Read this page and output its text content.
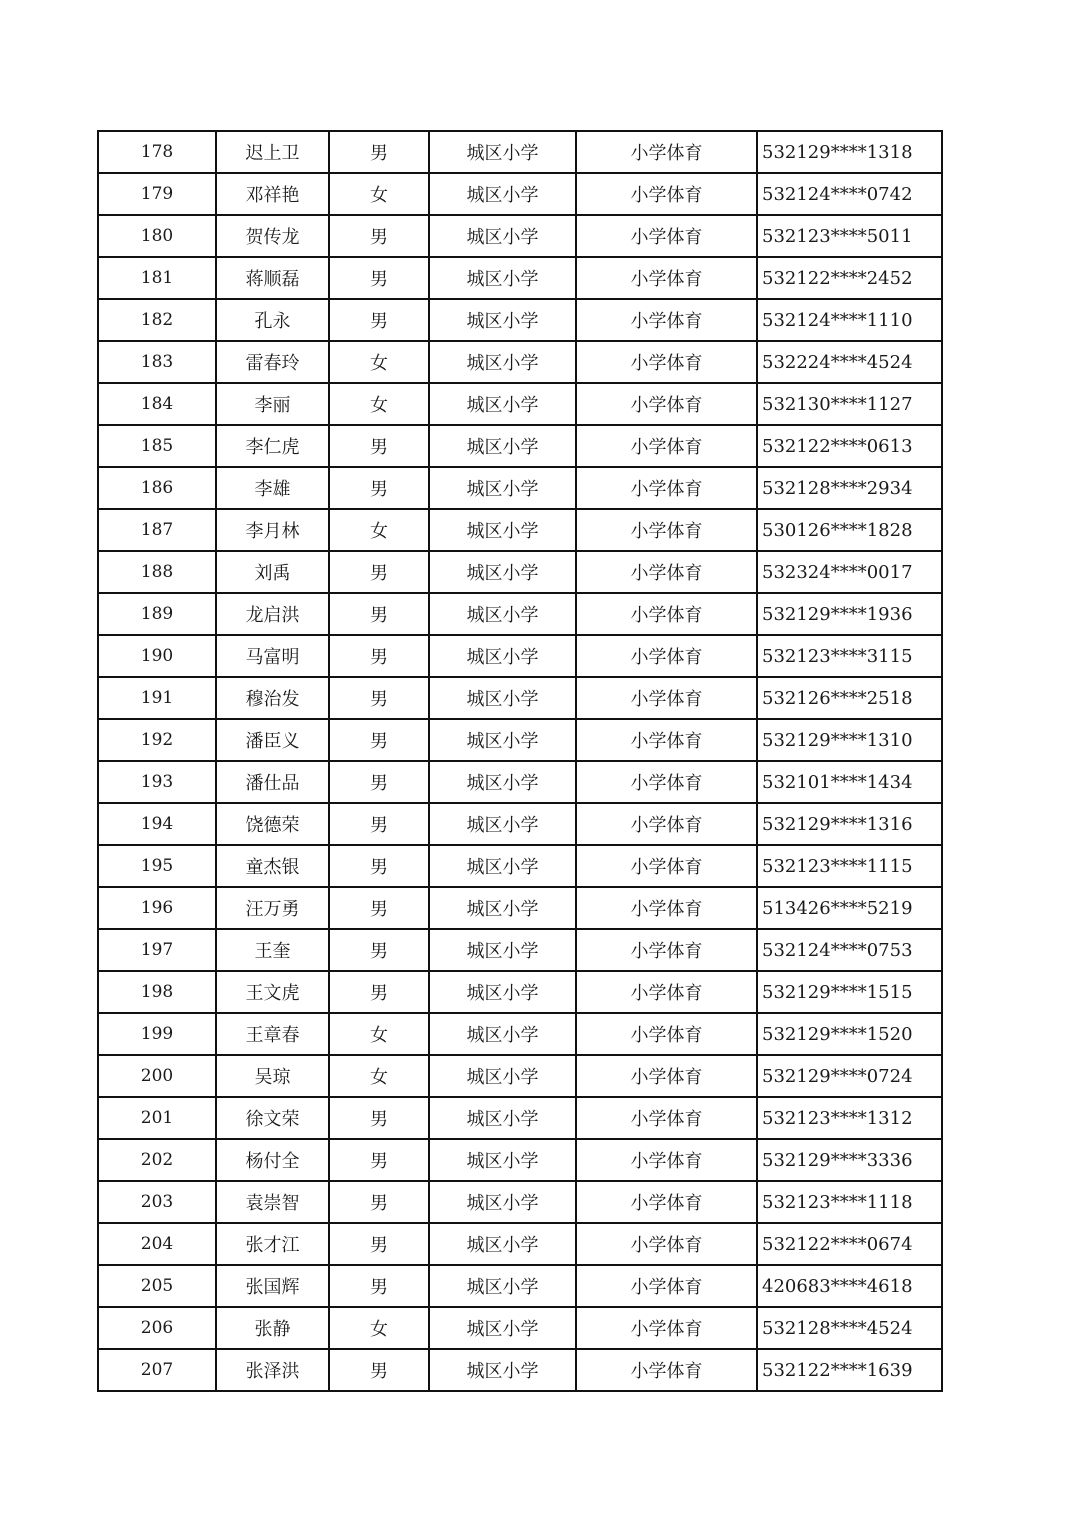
178	迟上卫	男	城区小学	小学体育	532129****1318
179	邓祥艳	女	城区小学	小学体育	532124****0742
180	贺传龙	男	城区小学	小学体育	532123****5011
181	蒋顺磊	男	城区小学	小学体育	532122****2452
182	孔永	男	城区小学	小学体育	532124****1110
183	雷春玲	女	城区小学	小学体育	532224****4524
184	李丽	女	城区小学	小学体育	532130****1127
185	李仁虎	男	城区小学	小学体育	532122****0613
186	李雄	男	城区小学	小学体育	532128****2934
187	李月林	女	城区小学	小学体育	530126****1828
188	刘禹	男	城区小学	小学体育	532324****0017
189	龙启洪	男	城区小学	小学体育	532129****1936
190	马富明	男	城区小学	小学体育	532123****3115
191	穆治发	男	城区小学	小学体育	532126****2518
192	潘臣义	男	城区小学	小学体育	532129****1310
193	潘仕品	男	城区小学	小学体育	532101****1434
194	饶德荣	男	城区小学	小学体育	532129****1316
195	童杰银	男	城区小学	小学体育	532123****1115
196	汪万勇	男	城区小学	小学体育	513426****5219
197	王奎	男	城区小学	小学体育	532124****0753
198	王文虎	男	城区小学	小学体育	532129****1515
199	王章春	女	城区小学	小学体育	532129****1520
200	吴琼	女	城区小学	小学体育	532129****0724
201	徐文荣	男	城区小学	小学体育	532123****1312
202	杨付全	男	城区小学	小学体育	532129****3336
203	袁崇智	男	城区小学	小学体育	532123****1118
204	张才江	男	城区小学	小学体育	532122****0674
205	张国辉	男	城区小学	小学体育	420683****4618
206	张静	女	城区小学	小学体育	532128****4524
207	张泽洪	男	城区小学	小学体育	532122****1639
